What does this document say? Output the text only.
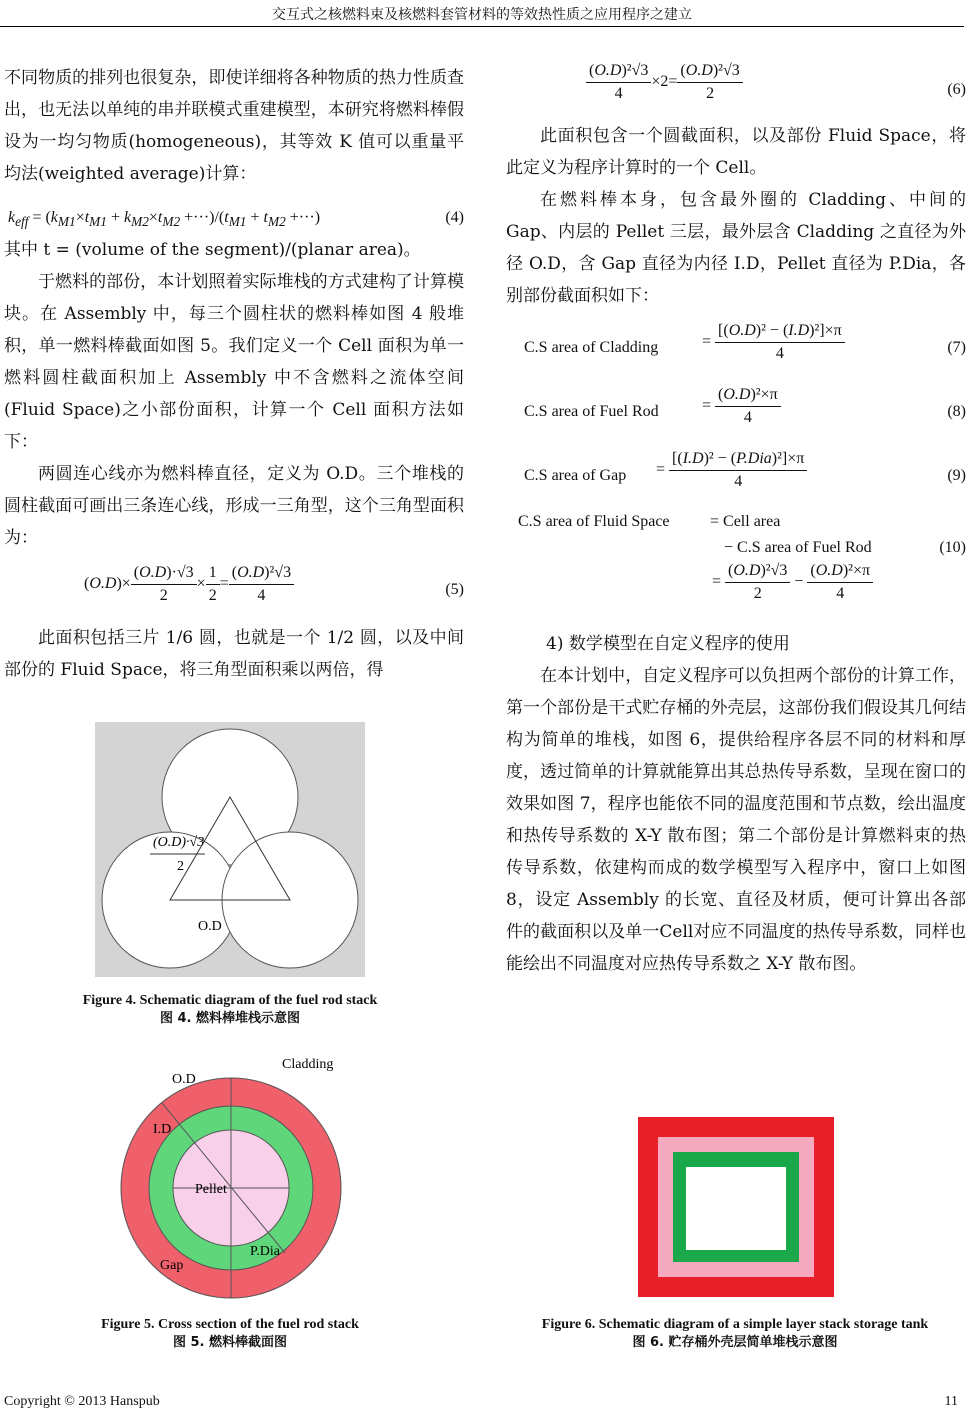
交互式之核燃料束及核燃料套管材料的等效热性质之应用程序之建立

不同物质的排列也很复杂，即使详细将各种物质的热力性质查出，也无法以单纯的串并联模式重建模型，本研究将燃料棒假设为一均匀物质(homogeneous)，其等效 K 值可以重量平均法(weighted average)计算：

$k_{eff} = (k_{M1}\times t_{M1} + k_{M2}\times t_{M2} +\cdot\cdot\cdot)/(t_{M1} + t_{M2}$ +···)	(4)

其中 t = (volume of the segment)/(planar area)。

于燃料的部份，本计划照着实际堆栈的方式建构了计算模块。在 Assembly 中，每三个圆柱状的燃料棒如图 4 般堆积，单一燃料棒截面如图 5。我们定义一个 Cell 面积为单一燃料圆柱截面积加上 Assembly 中不含燃料之流体空间(Fluid Space)之小部份面积，计算一个 Cell 面积方法如下：

两圆连心线亦为燃料棒直径，定义为 O.D。三个堆栈的圆柱截面可画出三条连心线，形成一三角型，这个三角型面积为：

$(O.D)\times \frac{(O.D)\cdot√3}{2} \times \frac{1}{2} = \frac{\text{(O.D)²√3}}{4}$	(5)

此面积包括三片 1/6 圆，也就是一个 1/2 圆，以及中间部份的 Fluid Space，将三角型面积乘以两倍，得

(O.D)·√3
2
O.D
Figure 4. Schematic diagram of the fuel rod stack
图 4. 燃料棒堆栈示意图
Cladding
O.D
I.D
Pellet
P.Dia
Gap
Figure 5. Cross section of the fuel rod stack
图 5. 燃料棒截面图
$\frac{\text{(O.D)²√3}}{4} \times 2= \frac{\text{(O.D)²√3}}{2}$	(6)

此面积包含一个圆截面积，以及部份 Fluid Space，将此定义为程序计算时的一个 Cell。

在燃料棒本身，包含最外圈的 Cladding、中间的 Gap、内层的 Pellet 三层，最外层含 Cladding 之直径为外径 O.D，含 Gap 直径为内径 I.D，Pellet 直径为 P.Dia，各别部份截面积如下：

C.S area of Cladding	= $\frac{\text{[(O.D)² − (I.D)²]×π}}{4}$	(7)
C.S area of Fuel Rod	= $\frac{\text{(O.D)²×π}}{4}$	(8)
C.S area of Gap = $\frac{\text{[(I.D)² − (P.Dia)²]×π}}{4}$	(9)
C.S area of Fluid Space	= Cell area
− C.S area of Fuel Rod
= $\frac{\text{(O.D)²√3}}{2} - \frac{\text{(O.D)²×π}}{4}$
(10)

4) 数学模型在自定义程序的使用

在本计划中，自定义程序可以负担两个部份的计算工作，第一个部份是干式贮存桶的外壳层，这部份我们假设其几何结构为简单的堆栈，如图 6，提供给程序各层不同的材料和厚度，透过简单的计算就能算出其总热传导系数，呈现在窗口的效果如图 7，程序也能依不同的温度范围和节点数，绘出温度和热传导系数的 X-Y 散布图；第二个部份是计算燃料束的热传导系数，依建构而成的数学模型写入程序中，窗口上如图 8，设定 Assembly 的长宽、直径及材质，便可计算出各部件的截面积以及单一Cell对应不同温度的热传导系数，同样也能绘出不同温度对应热传导系数之 X-Y 散布图。

Figure 6. Schematic diagram of a simple layer stack storage tank
图 6. 贮存桶外壳层简单堆栈示意图
Copyright © 2013 Hanspub	11
